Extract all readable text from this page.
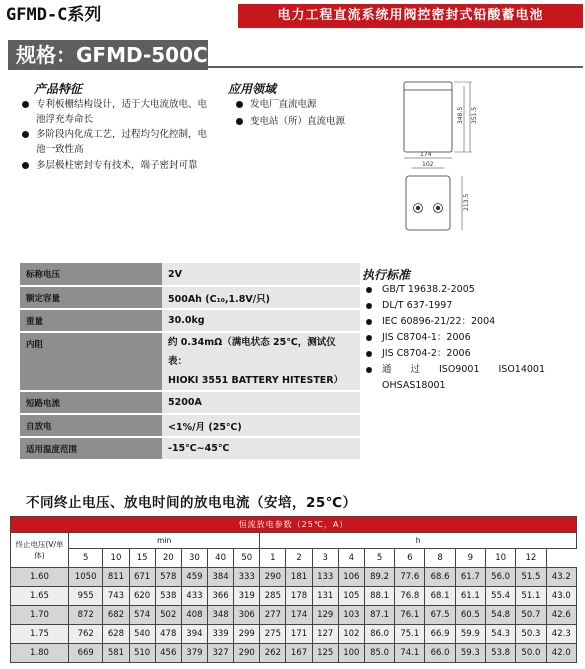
GFMD-C系列	电力工程直流系统用阀控密封式铅酸蓄电池
规格：GFMD-500C
产品特征
专利板栅结构设计，适于大电流放电、电池浮充寿命长
多阶段内化成工艺，过程均匀化控制，电池一致性高
多层极柱密封专有技术，端子密封可靠
应用领域
发电厂直流电源
变电站（所）直流电源	348.5 351.5
174
102
213.5
标称电压	2V
额定容量	500Ah (C₁₀,1.8V/只)
重量	30.0kg
内阻	约 0.34mΩ（满电状态 25℃，测试仪表：
HIOKI 3551 BATTERY HITESTER）

短路电流	5200A
自放电	<1%/月 (25℃)
适用温度范围	-15℃~45℃
执行标准
GB/T 19638.2-2005
DL/T 637-1997
IEC 60896-21/22：2004
JIS C8704-1：2006
JIS C8704-2：2006
通　　过　　ISO9001　　ISO14001 OHSAS18001
不同终止电压、放电时间的放电电流（安培，25℃）
恒流放电参数（25℃，A）																		
终止电压(V/单体)	min							h										
	5	10	15	20	30	40	50	1	2	3	4	5	6	8	9	10	12	
1.60	1050	811	671	578	459	384	333	290	181	133	106	89.2	77.6	68.6	61.7	56.0	51.5	43.2
1.65	955	743	620	538	433	366	319	285	178	131	105	88.1	76.8	68.1	61.1	55.4	51.1	43.0
1.70	872	682	574	502	408	348	306	277	174	129	103	87.1	76.1	67.5	60.5	54.8	50.7	42.6
1.75	762	628	540	478	394	339	299	275	171	127	102	86.0	75.1	66.9	59.9	54.3	50.3	42.3
1.80	669	581	510	456	379	327	290	262	167	125	100	85.0	74.1	66.0	59.3	53.8	50.0	42.0
